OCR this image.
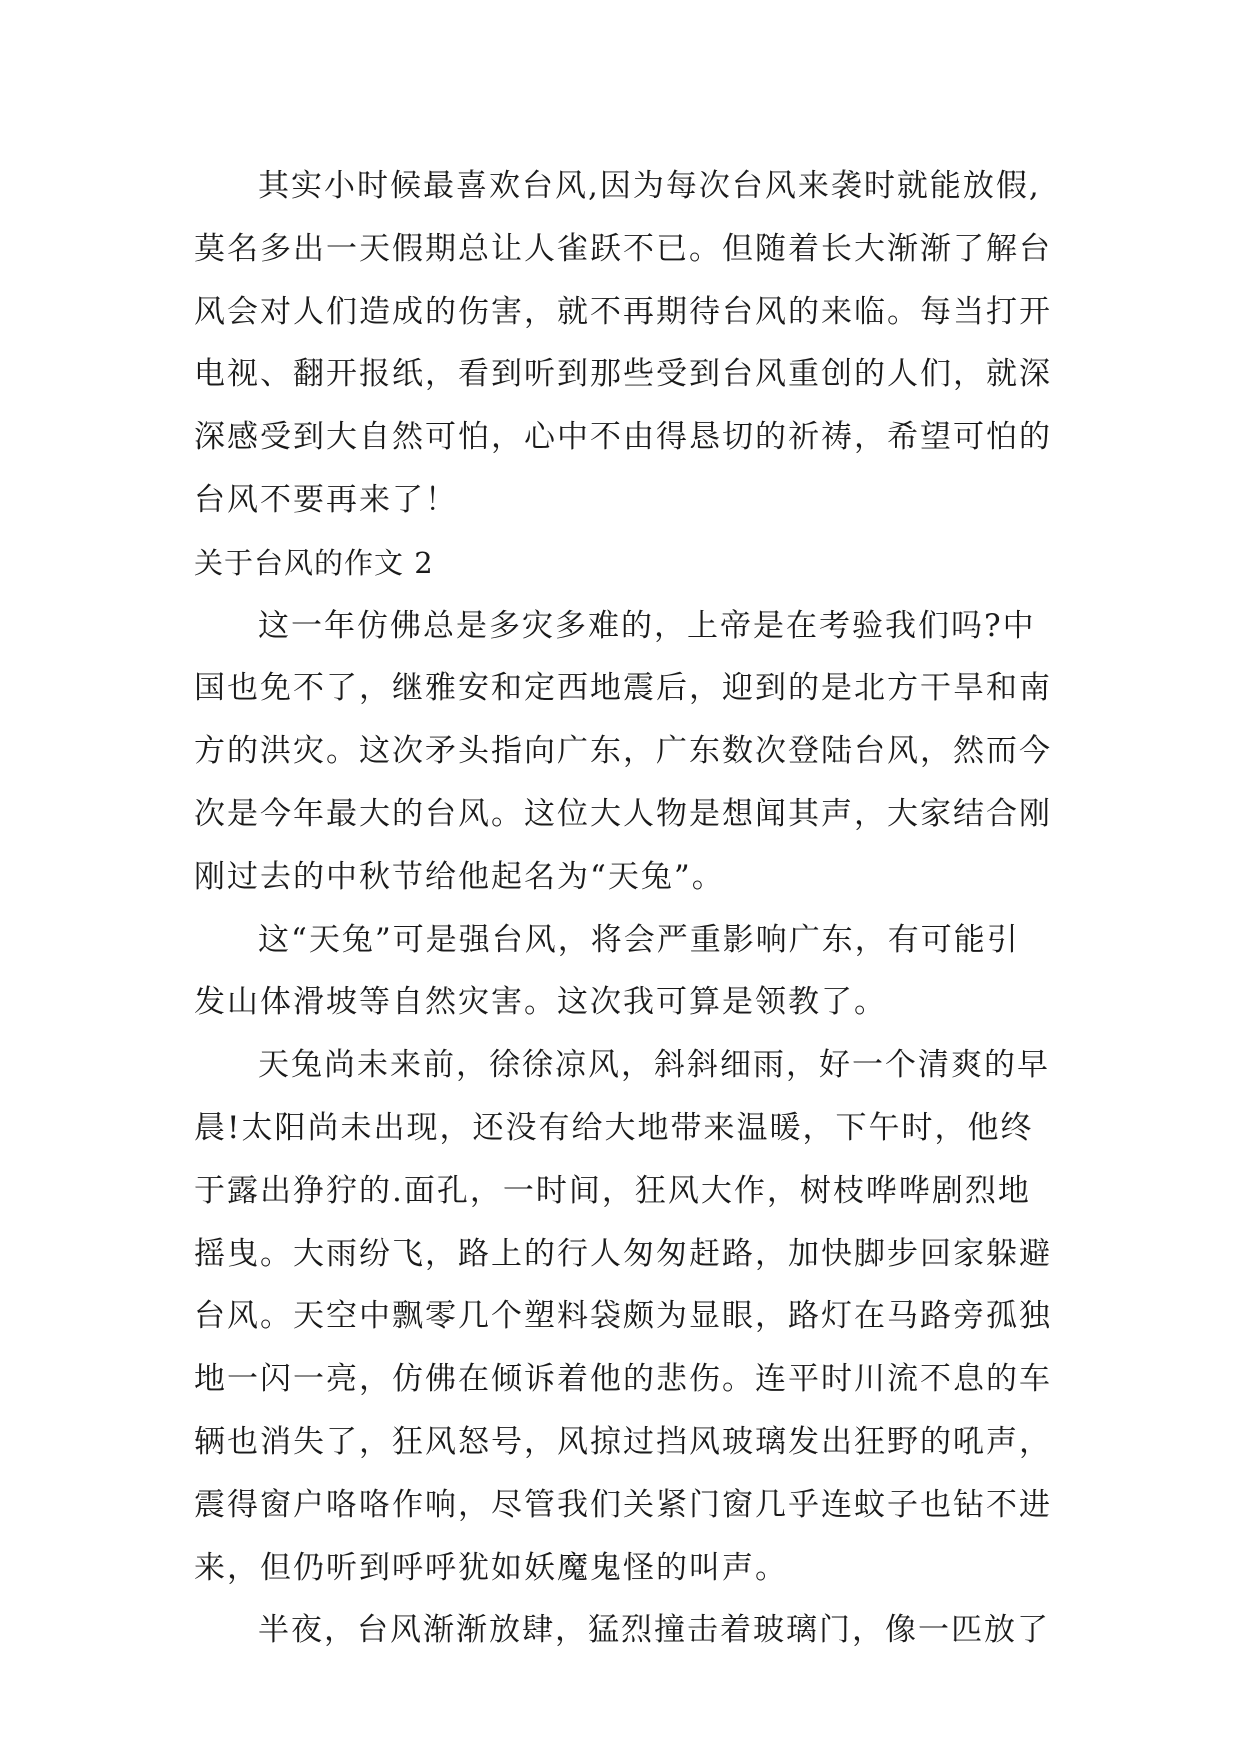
其实小时候最喜欢台风,因为每次台风来袭时就能放假,
莫名多出一天假期总让人雀跃不已。但随着长大渐渐了解台
风会对人们造成的伤害，就不再期待台风的来临。每当打开
电视、翻开报纸，看到听到那些受到台风重创的人们，就深
深感受到大自然可怕，心中不由得恳切的祈祷，希望可怕的
台风不要再来了！
关于台风的作文 2
这一年仿佛总是多灾多难的，上帝是在考验我们吗?中
国也免不了，继雅安和定西地震后，迎到的是北方干旱和南
方的洪灾。这次矛头指向广东，广东数次登陆台风，然而今
次是今年最大的台风。这位大人物是想闻其声，大家结合刚
刚过去的中秋节给他起名为“天兔”。
这“天兔”可是强台风，将会严重影响广东，有可能引
发山体滑坡等自然灾害。这次我可算是领教了。
天兔尚未来前，徐徐凉风，斜斜细雨，好一个清爽的早
晨!太阳尚未出现，还没有给大地带来温暖，下午时，他终
于露出狰狞的.面孔，一时间，狂风大作，树枝哗哗剧烈地
摇曳。大雨纷飞，路上的行人匆匆赶路，加快脚步回家躲避
台风。天空中飘零几个塑料袋颇为显眼，路灯在马路旁孤独
地一闪一亮，仿佛在倾诉着他的悲伤。连平时川流不息的车
辆也消失了，狂风怒号，风掠过挡风玻璃发出狂野的吼声，
震得窗户咯咯作响，尽管我们关紧门窗几乎连蚊子也钻不进
来，但仍听到呼呼犹如妖魔鬼怪的叫声。
半夜，台风渐渐放肆，猛烈撞击着玻璃门，像一匹放了
